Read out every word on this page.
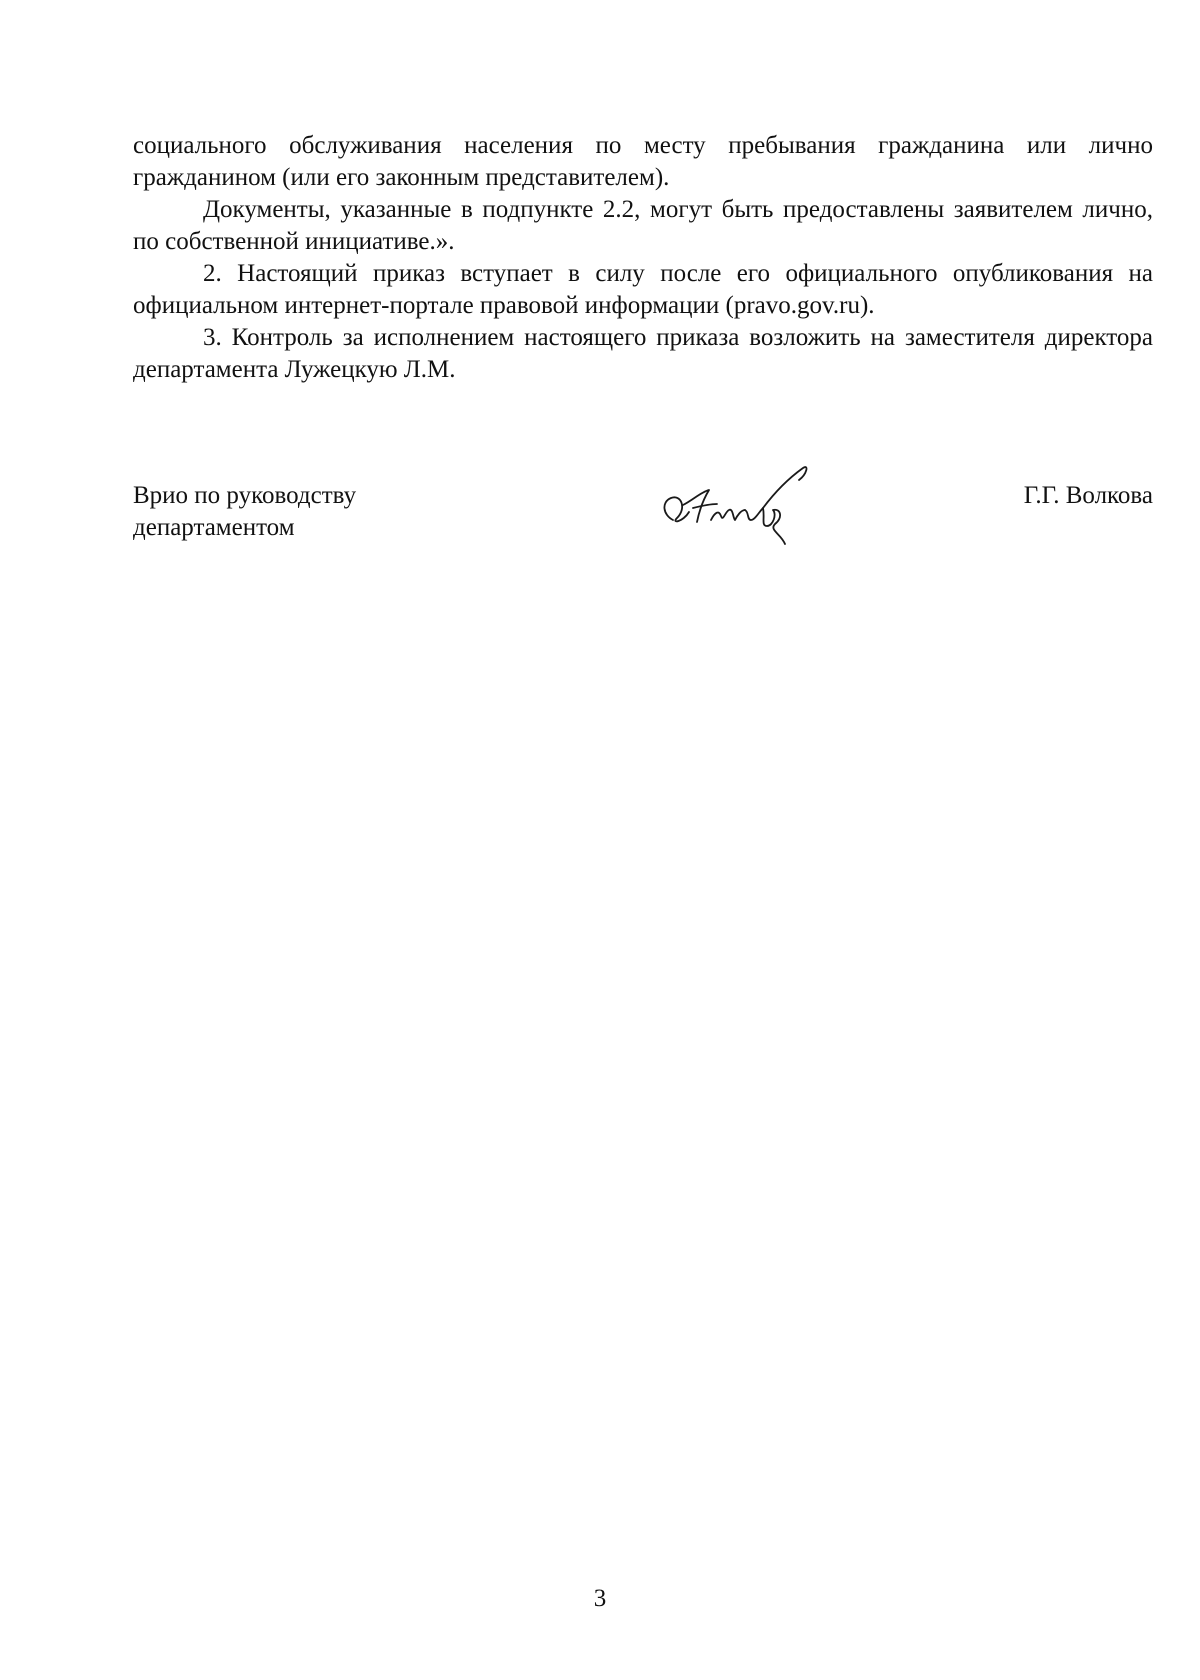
социального обслуживания населения по месту пребывания гражданина или лично гражданином (или его законным представителем).

Документы, указанные в подпункте 2.2, могут быть предоставлены заявителем лично, по собственной инициативе.».

2. Настоящий приказ вступает в силу после его официального опубликования на официальном интернет-портале правовой информации (pravo.gov.ru).

3. Контроль за исполнением настоящего приказа возложить на заместителя директора департамента Лужецкую Л.М.

Врио по руководству
департаментом
Г.Г. Волкова
3
